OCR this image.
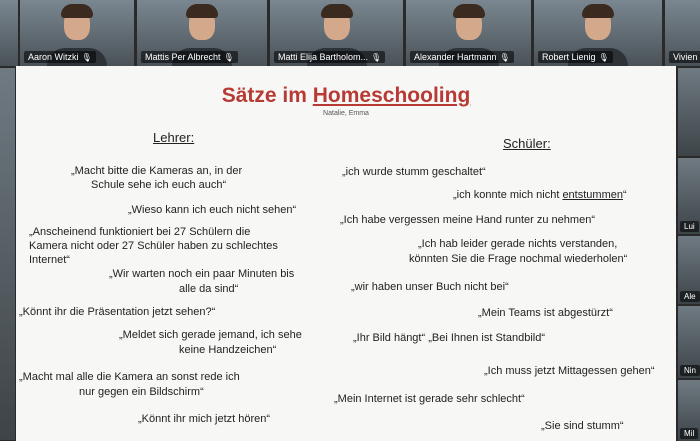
Aaron Witzki 🎙	Mattis Per Albrecht 🎙	Matti Elija Bartholom... 🎙	Alexander Hartmann 🎙	Robert Lienig 🎙	Vivien
Lui
Ale
Nin
Mil
Sätze im Homeschooling
Natalie, Emma
Lehrer:	Schüler:
„Macht bitte die Kameras an, in der
Schule sehe ich euch auch“
„Wieso kann ich euch nicht sehen“
„Anscheinend funktioniert bei 27 Schülern die
Kamera nicht oder 27 Schüler haben zu schlechtes
Internet“
„Wir warten noch ein paar Minuten bis
alle da sind“
„Könnt ihr die Präsentation jetzt sehen?“
„Meldet sich gerade jemand, ich sehe
keine Handzeichen“
„Macht mal alle die Kamera an sonst rede ich
nur gegen ein Bildschirm“
„Könnt ihr mich jetzt hören“
„ich wurde stumm geschaltet“
„ich konnte mich nicht entstummen“
„Ich habe vergessen meine Hand runter zu nehmen“
„Ich hab leider gerade nichts verstanden,
könnten Sie die Frage nochmal wiederholen“
„wir haben unser Buch nicht bei“
„Mein Teams ist abgestürzt“
„Ihr Bild hängt“ „Bei Ihnen ist Standbild“
„Ich muss jetzt Mittagessen gehen“
„Mein Internet ist gerade sehr schlecht“
„Sie sind stumm“
